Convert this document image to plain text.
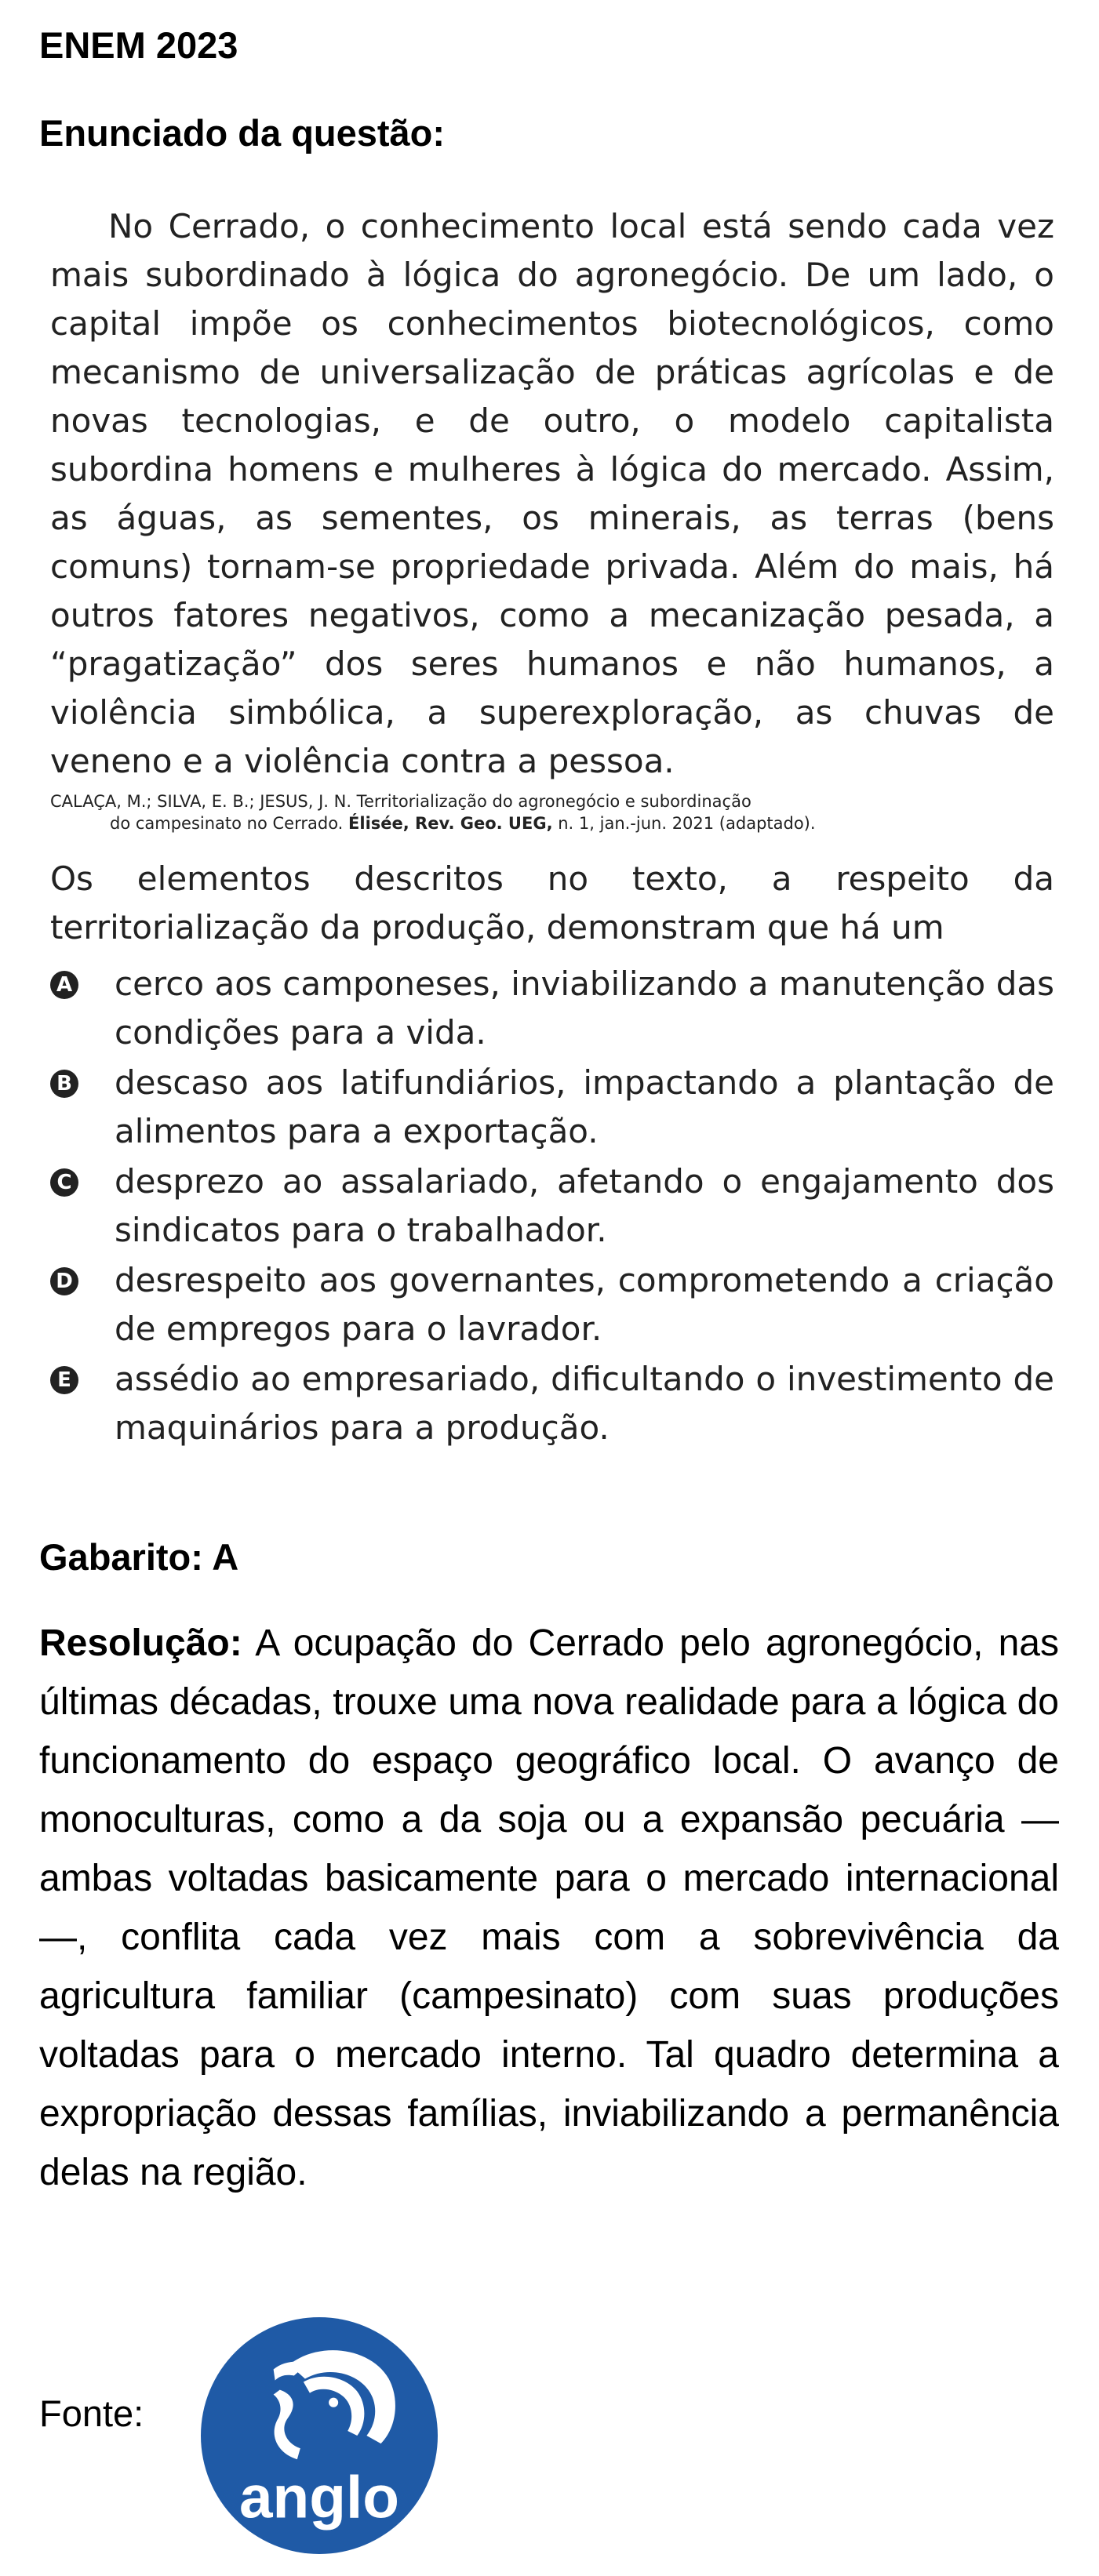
ENEM 2023
Enunciado da questão:

No Cerrado, o conhecimento local está sendo cada vez mais subordinado à lógica do agronegócio. De um lado, o capital impõe os conhecimentos biotecnológicos, como mecanismo de universalização de práticas agrícolas e de novas tecnologias, e de outro, o modelo capitalista subordina homens e mulheres à lógica do mercado. Assim, as águas, as sementes, os minerais, as terras (bens comuns) tornam-se propriedade privada. Além do mais, há outros fatores negativos, como a mecanização pesada, a “pragatização” dos seres humanos e não humanos, a violência simbólica, a superexploração, as chuvas de veneno e a violência contra a pessoa.

CALAÇA, M.; SILVA, E. B.; JESUS, J. N. Territorialização do agronegócio e subordinação
do campesinato no Cerrado. Élisée, Rev. Geo. UEG, n. 1, jan.-jun. 2021 (adaptado).

Os elementos descritos no texto, a respeito da territorialização da produção, demonstram que há um

A cerco aos camponeses, inviabilizando a manutenção das condições para a vida.
B descaso aos latifundiários, impactando a plantação de alimentos para a exportação.
C desprezo ao assalariado, afetando o engajamento dos sindicatos para o trabalhador.
D desrespeito aos governantes, comprometendo a criação de empregos para o lavrador.
E assédio ao empresariado, dificultando o investimento de maquinários para a produção.
Gabarito: A

Resolução: A ocupação do Cerrado pelo agronegócio, nas últimas décadas, trouxe uma nova realidade para a lógica do funcionamento do espaço geográfico local. O avanço de monoculturas, como a da soja ou a expansão pecuária — ambas voltadas basicamente para o mercado internacional —, conflita cada vez mais com a sobrevivência da agricultura familiar (campesinato) com suas produções voltadas para o mercado interno. Tal quadro determina a expropriação dessas famílias, inviabilizando a permanência delas na região.

Fonte:
anglo
